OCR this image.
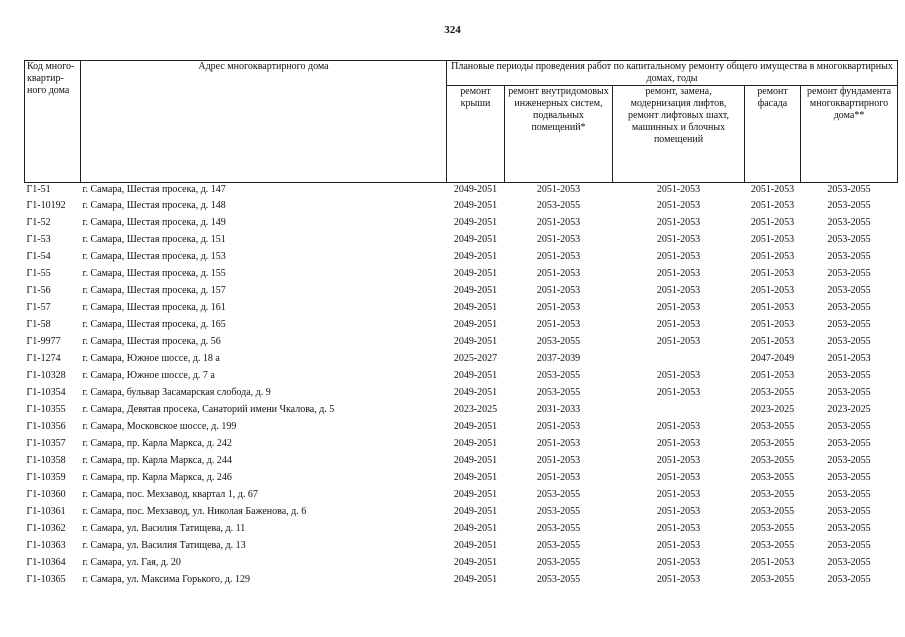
324
Код много-квартир-ного дома	Адрес многоквартирного дома	Плановые периоды проведения работ по капитальному ремонту общего имущества в многоквартирных домах, годы				
		ремонт крыши	ремонт внутридомовых инженерных систем, подвальных помещений*	ремонт, замена, модернизация лифтов, ремонт лифтовых шахт, машинных и блочных помещений	ремонт фасада	ремонт фундамента многоквартирного дома**
Г1-51	г. Самара, Шестая просека, д. 147	2049-2051	2051-2053	2051-2053	2051-2053	2053-2055
Г1-10192	г. Самара, Шестая просека, д. 148	2049-2051	2053-2055	2051-2053	2051-2053	2053-2055
Г1-52	г. Самара, Шестая просека, д. 149	2049-2051	2051-2053	2051-2053	2051-2053	2053-2055
Г1-53	г. Самара, Шестая просека, д. 151	2049-2051	2051-2053	2051-2053	2051-2053	2053-2055
Г1-54	г. Самара, Шестая просека, д. 153	2049-2051	2051-2053	2051-2053	2051-2053	2053-2055
Г1-55	г. Самара, Шестая просека, д. 155	2049-2051	2051-2053	2051-2053	2051-2053	2053-2055
Г1-56	г. Самара, Шестая просека, д. 157	2049-2051	2051-2053	2051-2053	2051-2053	2053-2055
Г1-57	г. Самара, Шестая просека, д. 161	2049-2051	2051-2053	2051-2053	2051-2053	2053-2055
Г1-58	г. Самара, Шестая просека, д. 165	2049-2051	2051-2053	2051-2053	2051-2053	2053-2055
Г1-9977	г. Самара, Шестая просека, д. 56	2049-2051	2053-2055	2051-2053	2051-2053	2053-2055
Г1-1274	г. Самара, Южное шоссе, д. 18 а	2025-2027	2037-2039		2047-2049	2051-2053
Г1-10328	г. Самара, Южное шоссе, д. 7 а	2049-2051	2053-2055	2051-2053	2051-2053	2053-2055
Г1-10354	г. Самара, бульвар Засамарская слобода, д. 9	2049-2051	2053-2055	2051-2053	2053-2055	2053-2055
Г1-10355	г. Самара, Девятая просека, Санаторий имени Чкалова, д. 5	2023-2025	2031-2033		2023-2025	2023-2025
Г1-10356	г. Самара, Московское шоссе, д. 199	2049-2051	2051-2053	2051-2053	2053-2055	2053-2055
Г1-10357	г. Самара, пр. Карла Маркса, д. 242	2049-2051	2051-2053	2051-2053	2053-2055	2053-2055
Г1-10358	г. Самара, пр. Карла Маркса, д. 244	2049-2051	2051-2053	2051-2053	2053-2055	2053-2055
Г1-10359	г. Самара, пр. Карла Маркса, д. 246	2049-2051	2051-2053	2051-2053	2053-2055	2053-2055
Г1-10360	г. Самара, пос. Мехзавод, квартал 1, д. 67	2049-2051	2053-2055	2051-2053	2053-2055	2053-2055
Г1-10361	г. Самара, пос. Мехзавод, ул. Николая Баженова, д. 6	2049-2051	2053-2055	2051-2053	2053-2055	2053-2055
Г1-10362	г. Самара, ул. Василия Татищева, д. 11	2049-2051	2053-2055	2051-2053	2053-2055	2053-2055
Г1-10363	г. Самара, ул. Василия Татищева, д. 13	2049-2051	2053-2055	2051-2053	2053-2055	2053-2055
Г1-10364	г. Самара, ул. Гая, д. 20	2049-2051	2053-2055	2051-2053	2051-2053	2053-2055
Г1-10365	г. Самара, ул. Максима Горького, д. 129	2049-2051	2053-2055	2051-2053	2053-2055	2053-2055
